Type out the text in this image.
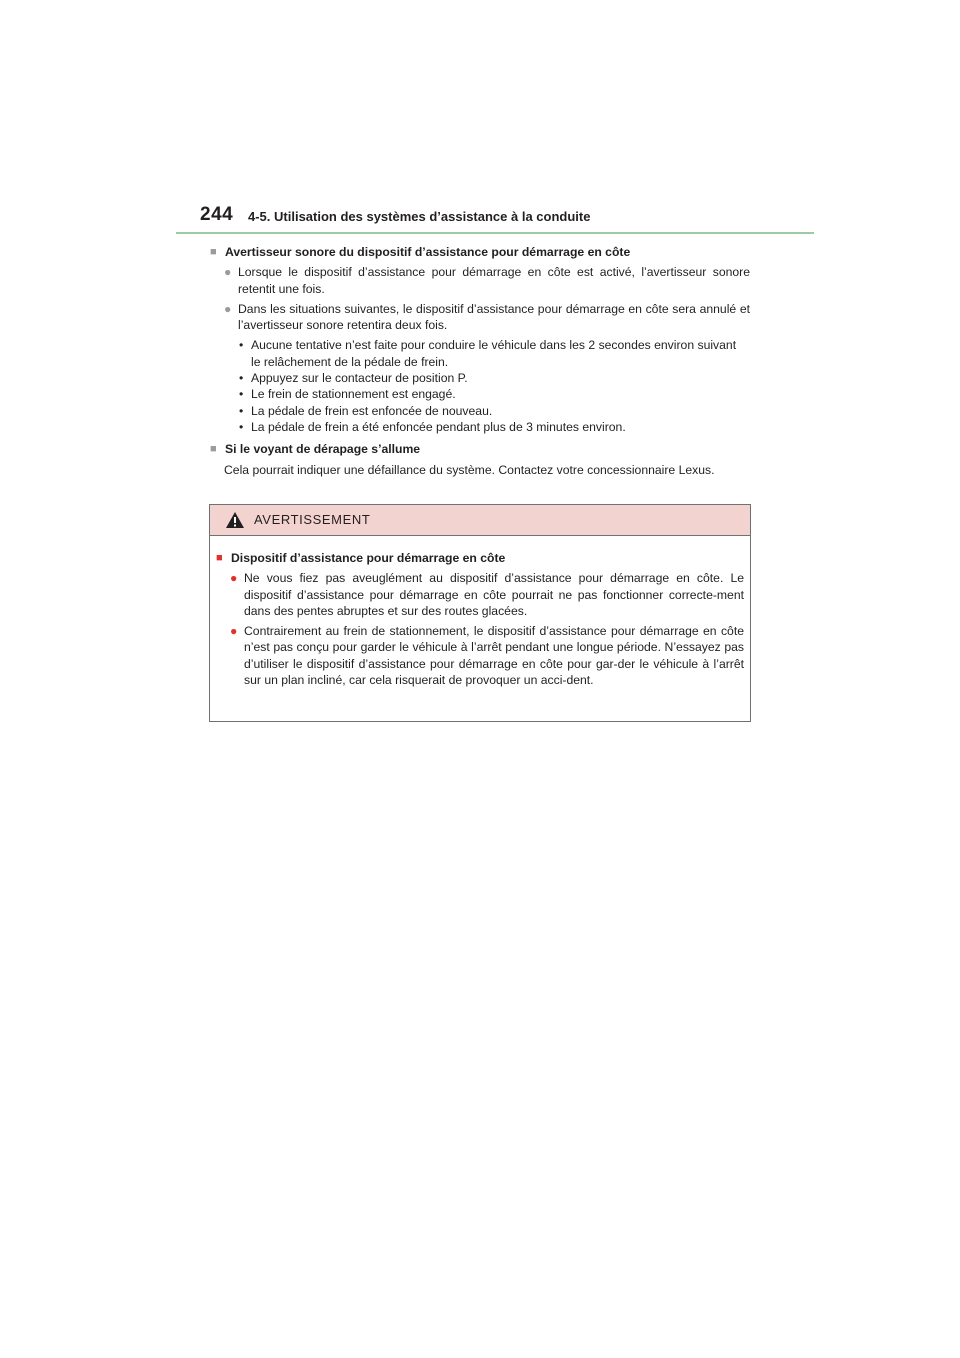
244 4-5. Utilisation des systèmes d’assistance à la conduite
■ Avertisseur sonore du dispositif d’assistance pour démarrage en côte
● Lorsque le dispositif d’assistance pour démarrage en côte est activé, l’avertisseur sonore retentit une fois.
● Dans les situations suivantes, le dispositif d’assistance pour démarrage en côte sera annulé et l’avertisseur sonore retentira deux fois.
• Aucune tentative n’est faite pour conduire le véhicule dans les 2 secondes environ suivant le relâchement de la pédale de frein.
• Appuyez sur le contacteur de position P.
• Le frein de stationnement est engagé.
• La pédale de frein est enfoncée de nouveau.
• La pédale de frein a été enfoncée pendant plus de 3 minutes environ.
■ Si le voyant de dérapage s’allume
Cela pourrait indiquer une défaillance du système. Contactez votre concessionnaire Lexus.
AVERTISSEMENT
■ Dispositif d’assistance pour démarrage en côte
● Ne vous fiez pas aveuglément au dispositif d’assistance pour démarrage en côte. Le dispositif d’assistance pour démarrage en côte pourrait ne pas fonctionner correcte-ment dans des pentes abruptes et sur des routes glacées.
● Contrairement au frein de stationnement, le dispositif d’assistance pour démarrage en côte n’est pas conçu pour garder le véhicule à l’arrêt pendant une longue période. N’essayez pas d’utiliser le dispositif d’assistance pour démarrage en côte pour gar-der le véhicule à l’arrêt sur un plan incliné, car cela risquerait de provoquer un acci-dent.
